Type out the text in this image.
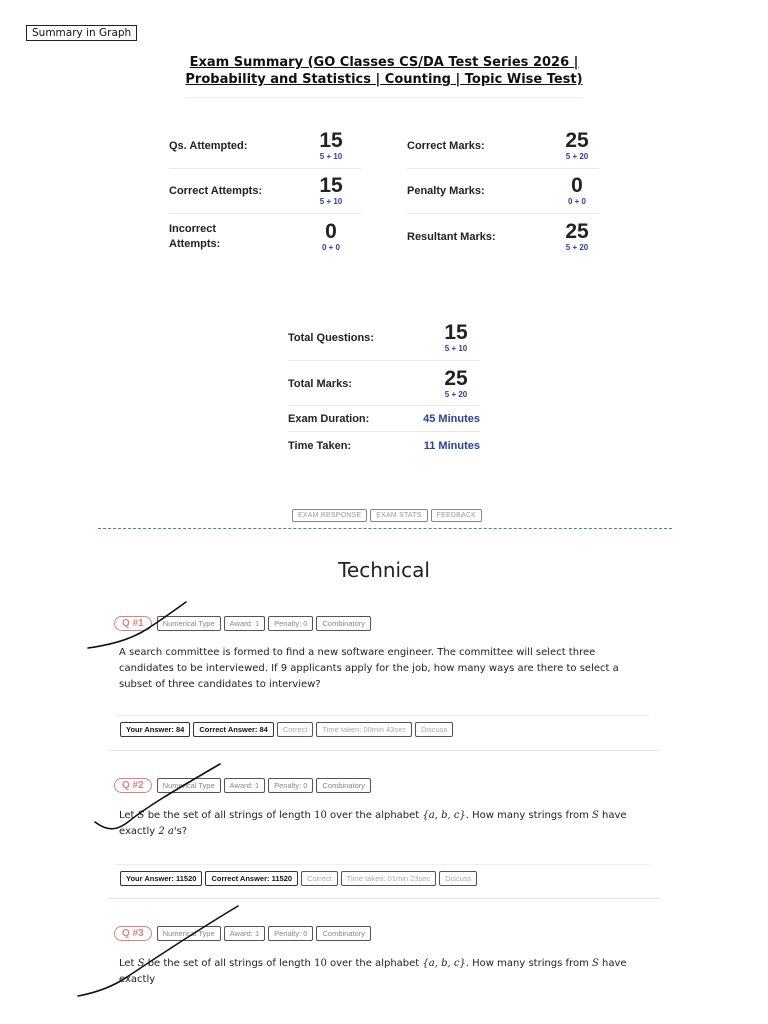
Summary in Graph
Exam Summary (GO Classes CS/DA Test Series 2026 | Probability and Statistics | Counting | Topic Wise Test)
Qs. Attempted:	15
5 + 10
Correct Attempts:	15
5 + 10
Incorrect Attempts:
0
0 + 0
Correct Marks:	25
5 + 20
Penalty Marks:	0
0 + 0
Resultant Marks:	25
5 + 20
Total Questions:	15
5 + 10
Total Marks:	25
5 + 20
Exam Duration:	45 Minutes
Time Taken:	11 Minutes
EXAM RESPONSE EXAM STATS FEEDBACK
Technical
Q #1	Numerical Type	Award: 1	Penalty: 0	Combinatory
A search committee is formed to find a new software engineer. The committee will select three candidates to be interviewed. If 9 applicants apply for the job, how many ways are there to select a subset of three candidates to interview?
Your Answer: 84	Correct Answer: 84	Correct	Time taken: 00min 43sec	Discuss
Q #2	Numerical Type	Award: 1	Penalty: 0	Combinatory
Let S be the set of all strings of length 10 over the alphabet {a, b, c}. How many strings from S have exactly 2 a's?
Your Answer: 11520	Correct Answer: 11520	Correct	Time taken: 01min 23sec	Discuss
Q #3	Numerical Type	Award: 1	Penalty: 0	Combinatory
Let S be the set of all strings of length 10 over the alphabet {a, b, c}. How many strings from S have exactly
